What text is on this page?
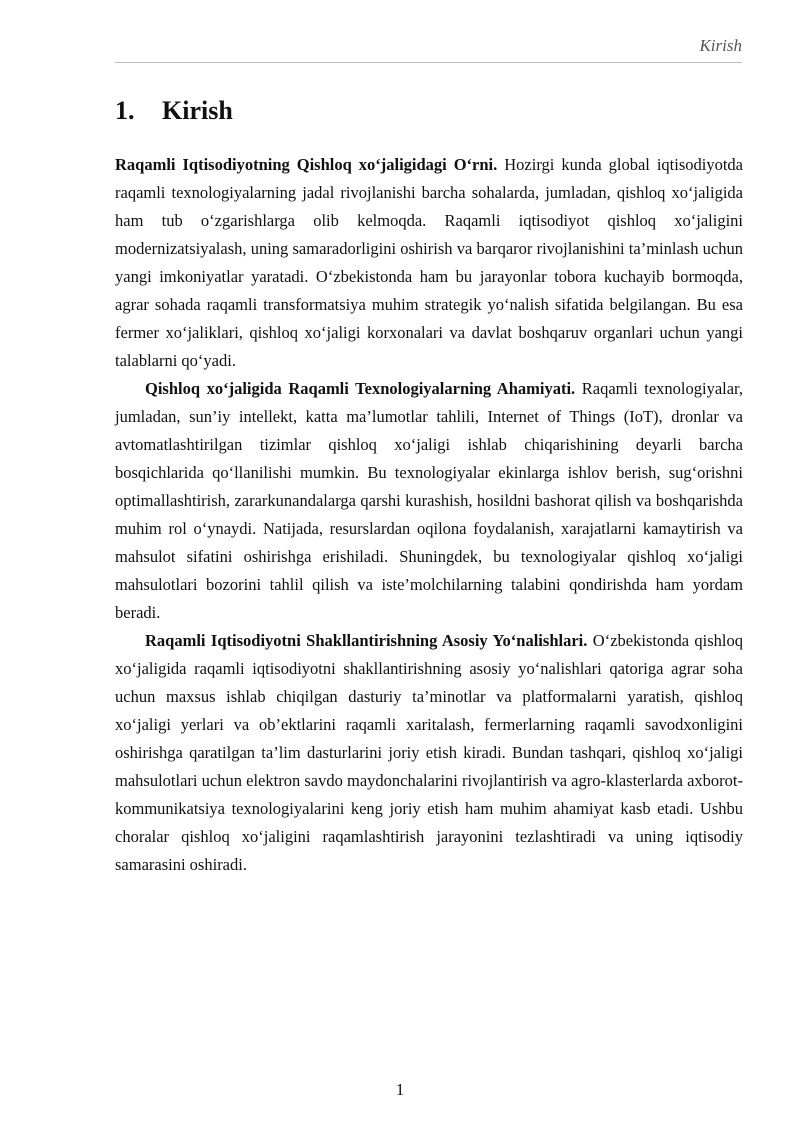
Kirish
1. Kirish

Raqamli Iqtisodiyotning Qishloq xo‘jaligidagi O‘rni. Hozirgi kunda global iqtisodiyotda raqamli texnologiyalarning jadal rivojlanishi barcha sohalarda, jumladan, qishloq xo‘jaligida ham tub o‘zgarishlarga olib kelmoqda. Raqamli iqtisodiyot qishloq xo‘jaligini modernizatsiyalash, uning samaradorligini oshirish va barqaror rivojlanishini ta’minlash uchun yangi imkoniyatlar yaratadi. O‘zbekistonda ham bu jarayonlar tobora kuchayib bormoqda, agrar sohada raqamli transformatsiya muhim strategik yo‘nalish sifatida belgilangan. Bu esa fermer xo‘jaliklari, qishloq xo‘jaligi korxonalari va davlat boshqaruv organlari uchun yangi talablarni qo‘yadi.

Qishloq xo‘jaligida Raqamli Texnologiyalarning Ahamiyati. Raqamli texnologiyalar, jumladan, sun’iy intellekt, katta ma’lumotlar tahlili, Internet of Things (IoT), dronlar va avtomatlashtirilgan tizimlar qishloq xo‘jaligi ishlab chiqarishining deyarli barcha bosqichlarida qo‘llanilishi mumkin. Bu texnologiyalar ekinlarga ishlov berish, sug‘orishni optimallashtirish, zararkunandalarga qarshi kurashish, hosildni bashorat qilish va boshqarishda muhim rol o‘ynaydi. Natijada, resurslardan oqilona foydalanish, xarajatlarni kamaytirish va mahsulot sifatini oshirishga erishiladi. Shuningdek, bu texnologiyalar qishloq xo‘jaligi mahsulotlari bozorini tahlil qilish va iste’molchilarning talabini qondirishda ham yordam beradi.

Raqamli Iqtisodiyotni Shakllantirishning Asosiy Yo‘nalishlari. O‘zbekistonda qishloq xo‘jaligida raqamli iqtisodiyotni shakllantirishning asosiy yo‘nalishlari qatoriga agrar soha uchun maxsus ishlab chiqilgan dasturiy ta’minotlar va platformalarni yaratish, qishloq xo‘jaligi yerlari va ob’ektlarini raqamli xaritalash, fermerlarning raqamli savodxonligini oshirishga qaratilgan ta’lim dasturlarini joriy etish kiradi. Bundan tashqari, qishloq xo‘jaligi mahsulotlari uchun elektron savdo maydonchalarini rivojlantirish va agro-klasterlarda axborot-kommunikatsiya texnologiyalarini keng joriy etish ham muhim ahamiyat kasb etadi. Ushbu choralar qishloq xo‘jaligini raqamlashtirish jarayonini tezlashtiradi va uning iqtisodiy samarasini oshiradi.

1
